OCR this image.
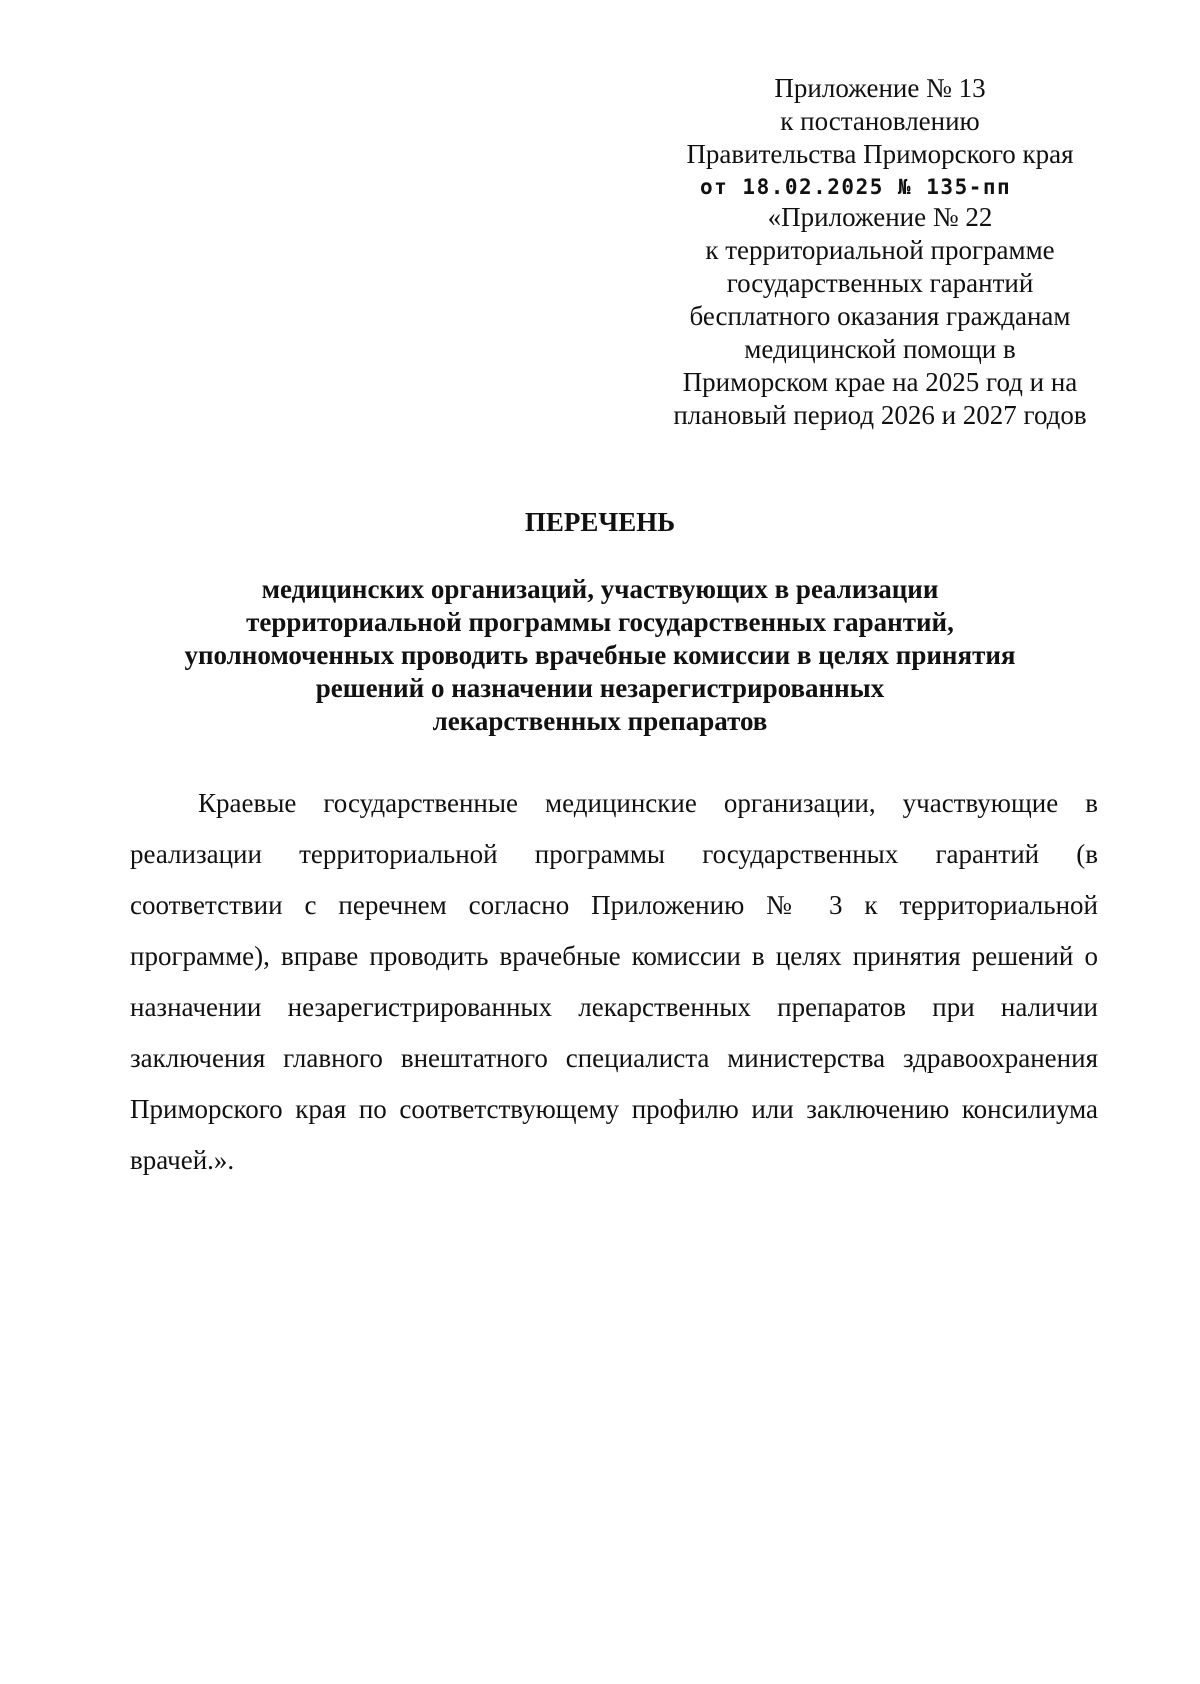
Приложение № 13
к постановлению
Правительства Приморского края
от 18.02.2025 № 135-пп
«Приложение № 22
к территориальной программе
государственных гарантий
бесплатного оказания гражданам
медицинской помощи в
Приморском крае на 2025 год и на
плановый период 2026 и 2027 годов
ПЕРЕЧЕНЬ
медицинских организаций, участвующих в реализации
территориальной программы государственных гарантий,
уполномоченных проводить врачебные комиссии в целях принятия
решений о назначении незарегистрированных
лекарственных препаратов

Краевые государственные медицинские организации, участвующие в реализации территориальной программы государственных гарантий (в соответствии с перечнем согласно Приложению № 3 к территориальной программе), вправе проводить врачебные комиссии в целях принятия решений о назначении незарегистрированных лекарственных препаратов при наличии заключения главного внештатного специалиста министерства здравоохранения Приморского края по соответствующему профилю или заключению консилиума врачей.».
